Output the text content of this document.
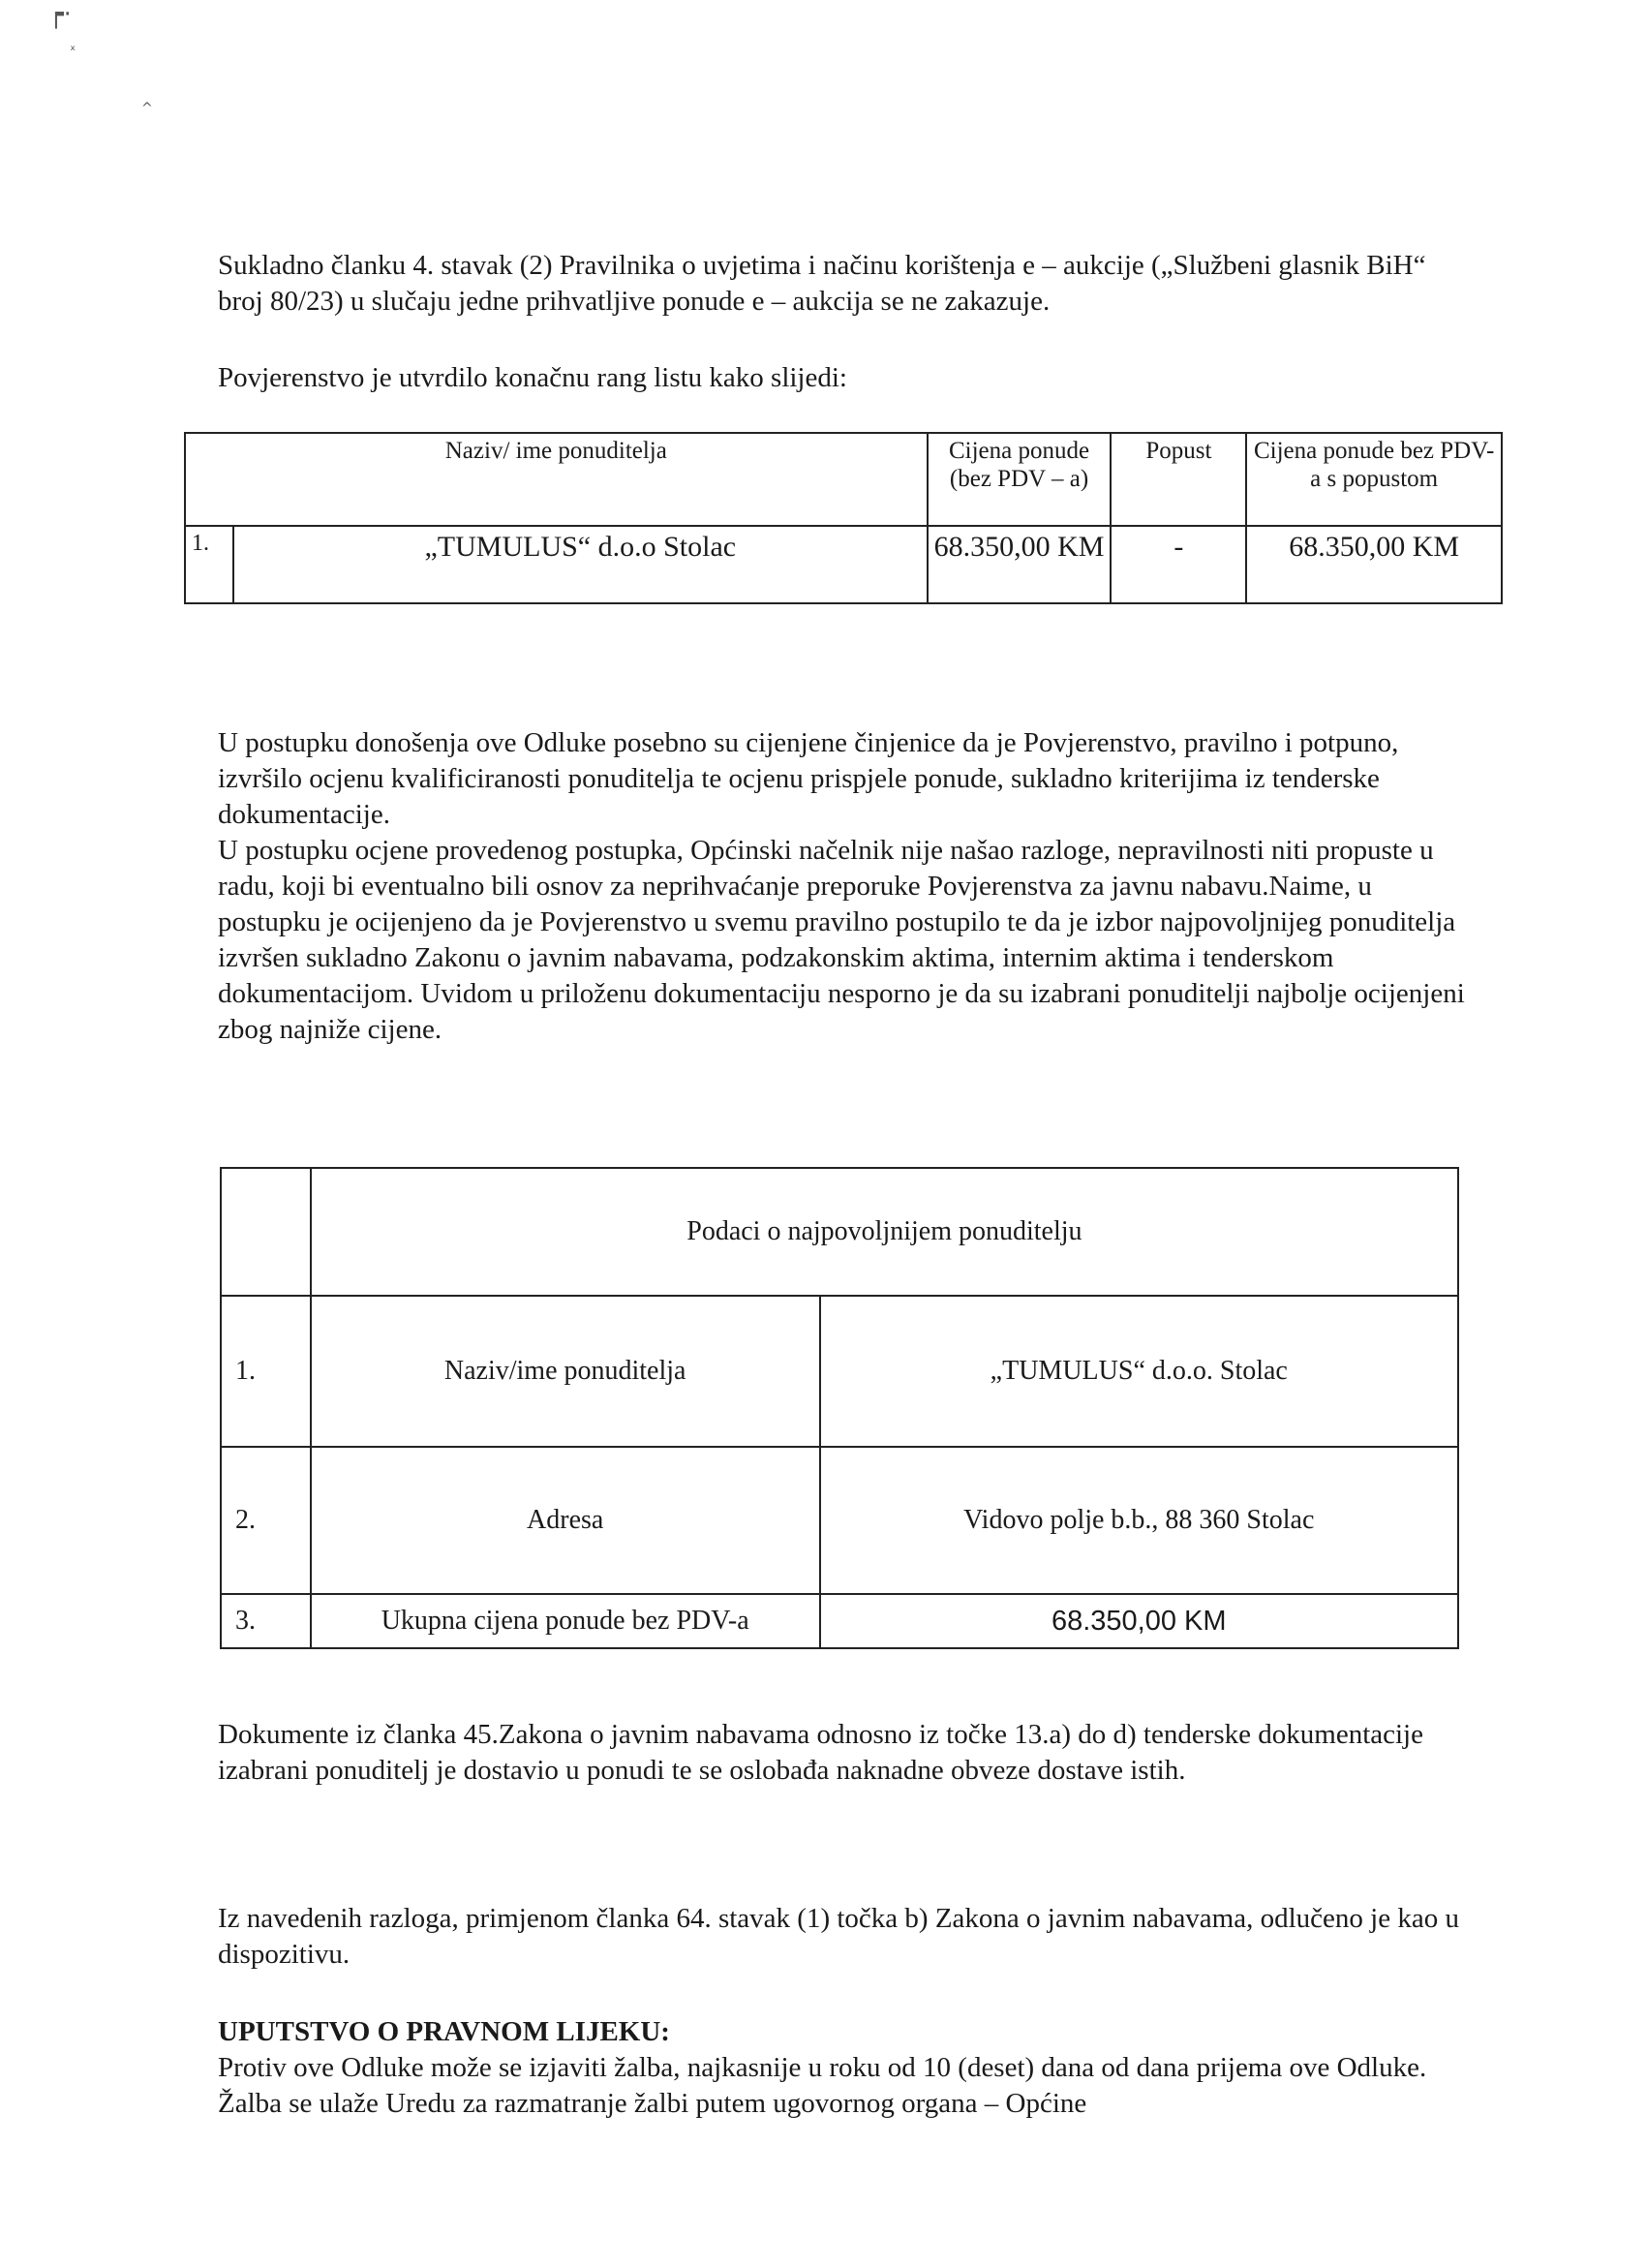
┍·
ₓ
^

Sukladno članku 4. stavak (2) Pravilnika o uvjetima i načinu korištenja e – aukcije („Službeni glasnik BiH“ broj 80/23) u slučaju jedne prihvatljive ponude e – aukcija se ne zakazuje.

Povjerenstvo je utvrdilo konačnu rang listu kako slijedi:

Naziv/ ime ponuditelja		Cijena ponude (bez PDV – a)	Popust	Cijena ponude bez PDV-a s popustom
1.	„TUMULUS“ d.o.o Stolac	68.350,00 KM	-	68.350,00 KM

U postupku donošenja ove Odluke posebno su cijenjene činjenice da je Povjerenstvo, pravilno i potpuno, izvršilo ocjenu kvalificiranosti ponuditelja te ocjenu prispjele ponude, sukladno kriterijima iz tenderske dokumentacije.

U postupku ocjene provedenog postupka, Općinski načelnik nije našao razloge, nepravilnosti niti propuste u radu, koji bi eventualno bili osnov za neprihvaćanje preporuke Povjerenstva za javnu nabavu.Naime, u postupku je ocijenjeno da je Povjerenstvo u svemu pravilno postupilo te da je izbor najpovoljnijeg ponuditelja izvršen sukladno Zakonu o javnim nabavama, podzakonskim aktima, internim aktima i tenderskom dokumentacijom. Uvidom u priloženu dokumentaciju nesporno je da su izabrani ponuditelji najbolje ocijenjeni zbog najniže cijene.

	Podaci o najpovoljnijem ponuditelju	
1.	Naziv/ime ponuditelja	„TUMULUS“ d.o.o. Stolac
2.	Adresa	Vidovo polje b.b., 88 360 Stolac
3.	Ukupna cijena ponude bez PDV-a	68.350,00 KM

Dokumente iz članka 45.Zakona o javnim nabavama odnosno iz točke 13.a) do d) tenderske dokumentacije izabrani ponuditelj je dostavio u ponudi te se oslobađa naknadne obveze dostave istih.

Iz navedenih razloga, primjenom članka 64. stavak (1) točka b) Zakona o javnim nabavama, odlučeno je kao u dispozitivu.

UPUTSTVO O PRAVNOM LIJEKU:

Protiv ove Odluke može se izjaviti žalba, najkasnije u roku od 10 (deset) dana od dana prijema ove Odluke. Žalba se ulaže Uredu za razmatranje žalbi putem ugovornog organa – Općine
